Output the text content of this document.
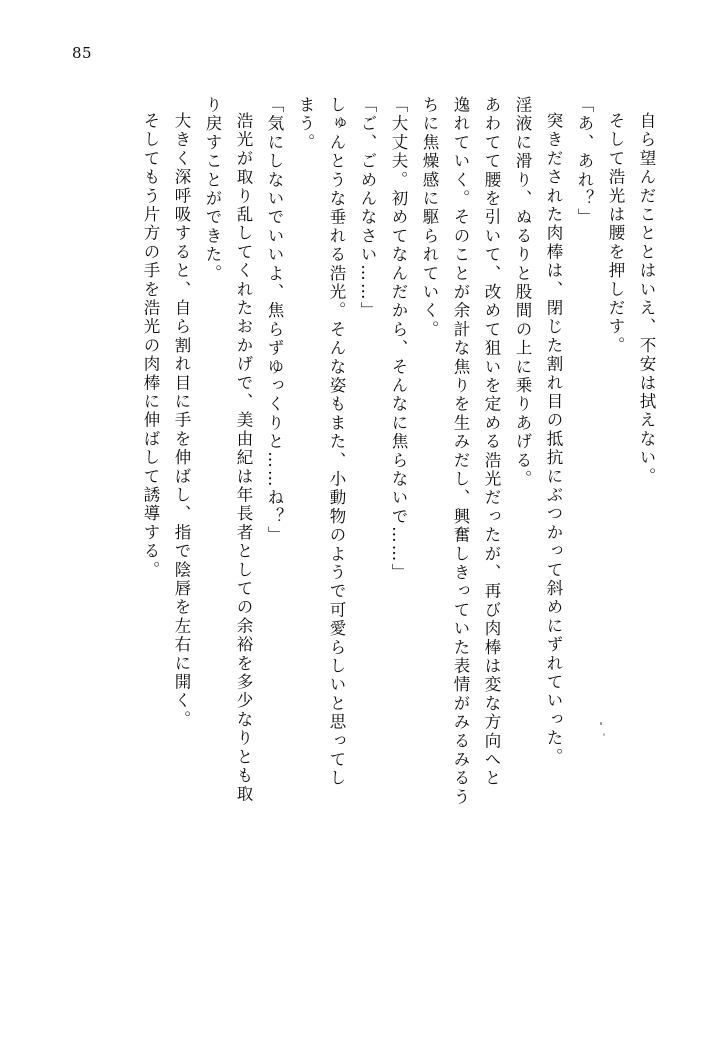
85
自ら望んだこととはいえ、不安は拭えない。
そして浩光は腰を押しだす。
「あ、あれ？」
突きだされた肉棒は、閉じた割れ目の抵抗にぶつかって斜めにずれていった。
淫液に滑り、ぬるりと股間の上に乗りあげる。
あわてて腰を引いて、改めて狙いを定める浩光だったが、再び肉棒は変な方向へと
逸れていく。そのことが余計な焦りを生みだし、興奮しきっていた表情がみるみるう
ちに焦燥感に駆られていく。
「大丈夫。初めてなんだから、そんなに焦らないで……」
「ご、ごめんなさい……」
しゅんとうな垂れる浩光。そんな姿もまた、小動物のようで可愛らしいと思ってし
まう。
「気にしないでいいよ、焦らずゆっくりと……ね？」
浩光が取り乱してくれたおかげで、美由紀は年長者としての余裕を多少なりとも取
り戻すことができた。
大きく深呼吸すると、自ら割れ目に手を伸ばし、指で陰唇を左右に開く。
そしてもう片方の手を浩光の肉棒に伸ばして誘導する。
